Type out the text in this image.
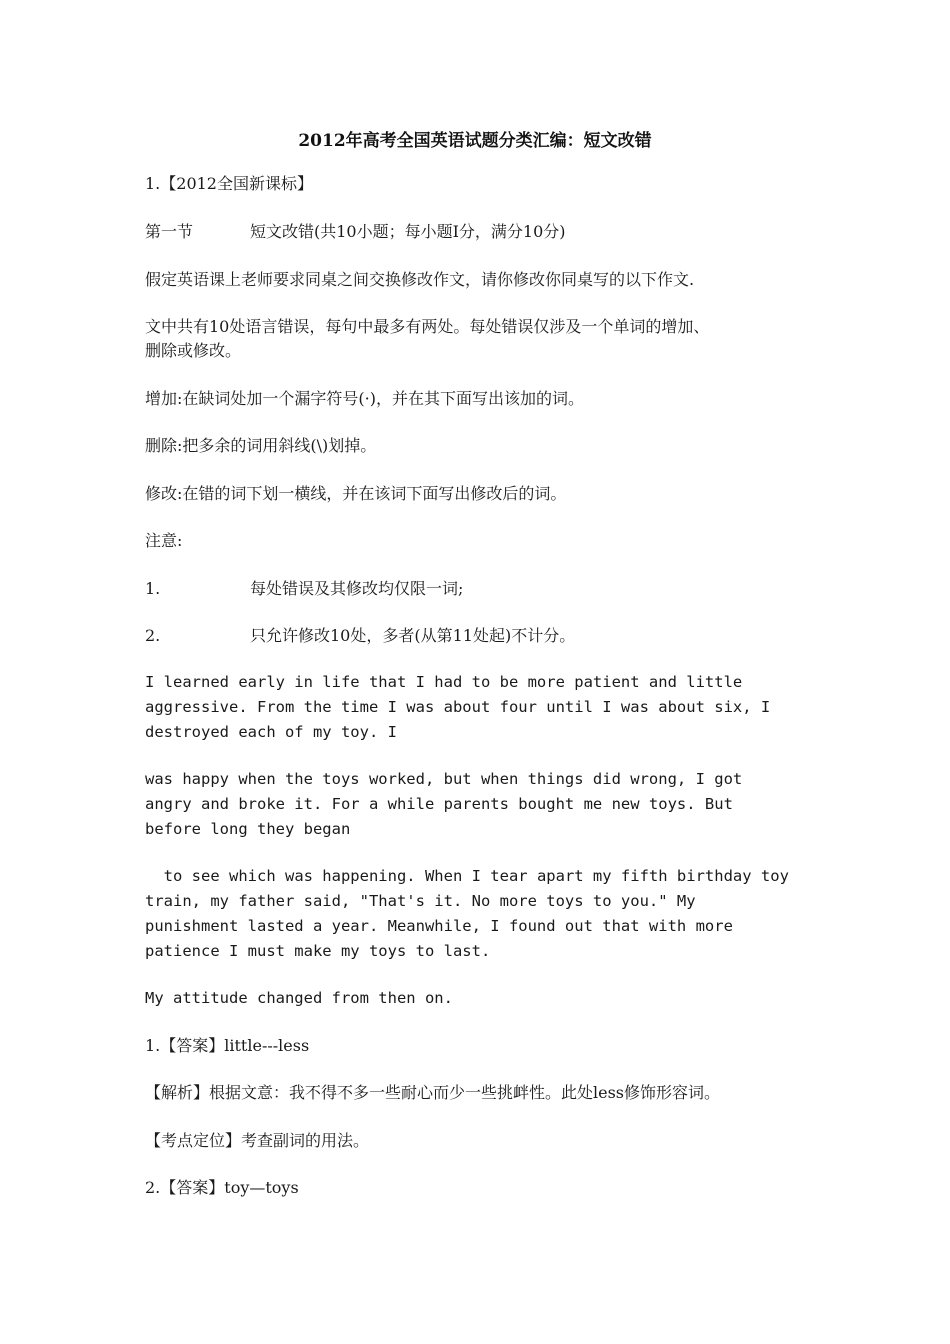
2012年高考全国英语试题分类汇编：短文改错
1.【2012全国新课标】
第一节	短文改错(共10小题；每小题I分，满分10分)
假定英语课上老师要求同桌之间交换修改作文，请你修改你同桌写的以下作文.
文中共有10处语言错误，每句中最多有两处。每处错误仅涉及一个单词的增加、
删除或修改。
增加:在缺词处加一个漏字符号(·)，并在其下面写出该加的词。
删除:把多余的词用斜线(\)划掉。
修改:在错的词下划一横线，并在该词下面写出修改后的词。
注意:
1.	每处错误及其修改均仅限一词;
2.	只允许修改10处，多者(从第11处起)不计分。
I learned early in life that I had to be more patient and little
aggressive. From the time I was about four until I was about six, I
destroyed each of my toy. I
was happy when the toys worked, but when things did wrong, I got
angry and broke it. For a while parents bought me new toys. But
before long they began
to see which was happening. When I tear apart my fifth birthday toy
train, my father said, "That's it. No more toys to you." My
punishment lasted a year. Meanwhile, I found out that with more
patience I must make my toys to last.
My attitude changed from then on.
1.【答案】little---less
【解析】根据文意：我不得不多一些耐心而少一些挑衅性。此处less修饰形容词。
【考点定位】考查副词的用法。
2.【答案】toy—toys
